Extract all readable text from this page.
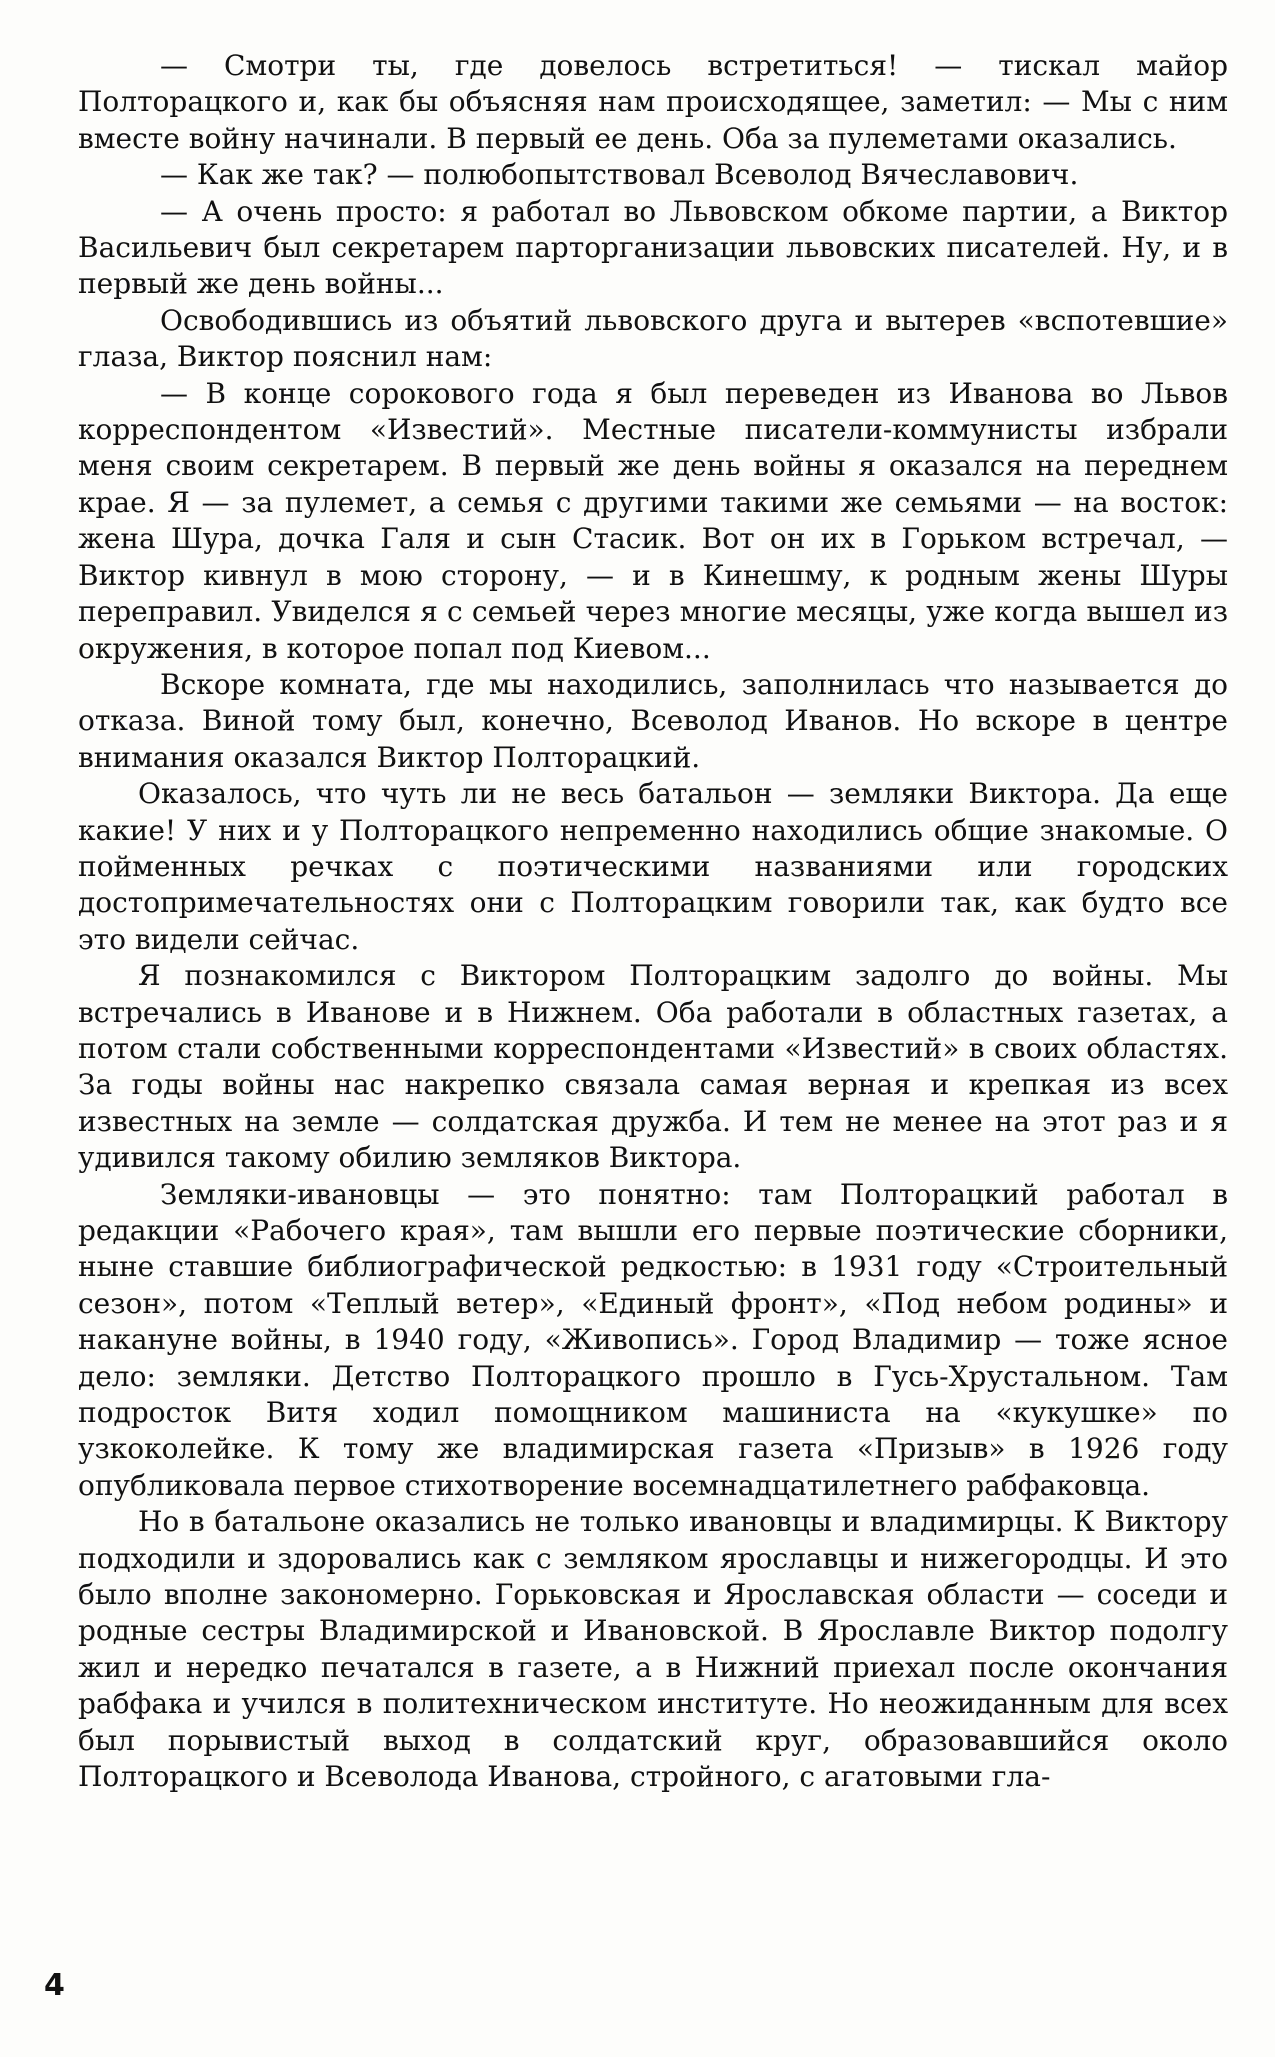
— Смотри ты, где довелось встретиться! — тискал майор Полторацкого и, как бы объясняя нам происходящее, заметил: — Мы с ним вместе войну начинали. В первый ее день. Оба за пулеметами оказались.

— Как же так? — полюбопытствовал Всеволод Вячеславович.

— А очень просто: я работал во Львовском обкоме партии, а Виктор Васильевич был секретарем парторганизации львовских писателей. Ну, и в первый же день войны...

Освободившись из объятий львовского друга и вытерев «вспотевшие» глаза, Виктор пояснил нам:

— В конце сорокового года я был переведен из Иванова во Львов корреспондентом «Известий». Местные писатели-коммунисты избрали меня своим секретарем. В первый же день войны я оказался на переднем крае. Я — за пулемет, а семья с другими такими же семьями — на восток: жена Шура, дочка Галя и сын Стасик. Вот он их в Горьком встречал, — Виктор кивнул в мою сторону, — и в Кинешму, к родным жены Шуры переправил. Увиделся я с семьей через многие месяцы, уже когда вышел из окружения, в которое попал под Киевом...

Вскоре комната, где мы находились, заполнилась что называется до отказа. Виной тому был, конечно, Всеволод Иванов. Но вскоре в центре внимания оказался Виктор Полторацкий.

Оказалось, что чуть ли не весь батальон — земляки Виктора. Да еще какие! У них и у Полторацкого непременно находились общие знакомые. О пойменных речках с поэтическими названиями или городских достопримечательностях они с Полторацким говорили так, как будто все это видели сейчас.

Я познакомился с Виктором Полторацким задолго до войны. Мы встречались в Иванове и в Нижнем. Оба работали в областных газетах, а потом стали собственными корреспондентами «Известий» в своих областях. За годы войны нас накрепко связала самая верная и крепкая из всех известных на земле — солдатская дружба. И тем не менее на этот раз и я удивился такому обилию земляков Виктора.

Земляки-ивановцы — это понятно: там Полторацкий работал в редакции «Рабочего края», там вышли его первые поэтические сборники, ныне ставшие библиографической редкостью: в 1931 году «Строительный сезон», потом «Теплый ветер», «Единый фронт», «Под небом родины» и накануне войны, в 1940 году, «Живопись». Город Владимир — тоже ясное дело: земляки. Детство Полторацкого прошло в Гусь-Хрустальном. Там подросток Витя ходил помощником машиниста на «кукушке» по узкоколейке. К тому же владимирская газета «Призыв» в 1926 году опубликовала первое стихотворение восемнадцатилетнего рабфаковца.

Но в батальоне оказались не только ивановцы и владимирцы. К Виктору подходили и здоровались как с земляком ярославцы и нижегородцы. И это было вполне закономерно. Горьковская и Ярославская области — соседи и родные сестры Владимирской и Ивановской. В Ярославле Виктор подолгу жил и нередко печатался в газете, а в Нижний приехал после окончания рабфака и учился в политехническом институте. Но неожиданным для всех был порывистый выход в солдатский круг, образовавшийся около Полторацкого и Всеволода Иванова, стройного, с агатовыми гла-

4
